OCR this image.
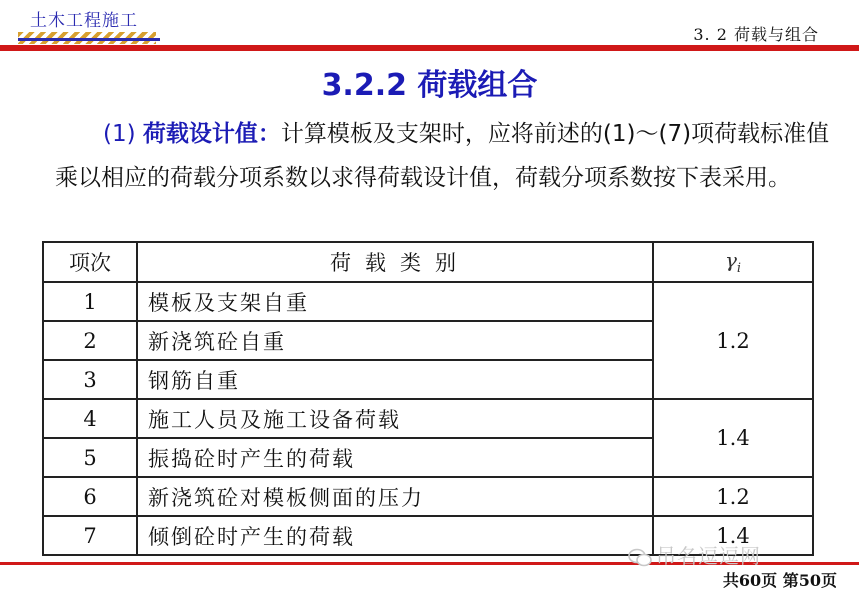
土木工程施工
3. 2 荷载与组合
3.2.2 荷载组合
(1) 荷载设计值：计算模板及支架时，应将前述的(1)～(7)项荷载标准值乘以相应的荷载分项系数以求得荷载设计值，荷载分项系数按下表采用。
项次	荷载类别	$\gamma_i$
1	模板及支架自重	1.2
2	新浇筑砼自重	
3	钢筋自重	
4	施工人员及施工设备荷载	1.4
5	振捣砼时产生的荷载	
6	新浇筑砼对模板侧面的压力	1.2
7	倾倒砼时产生的荷载	1.4
吊名逗逗网
共60页 第50页
